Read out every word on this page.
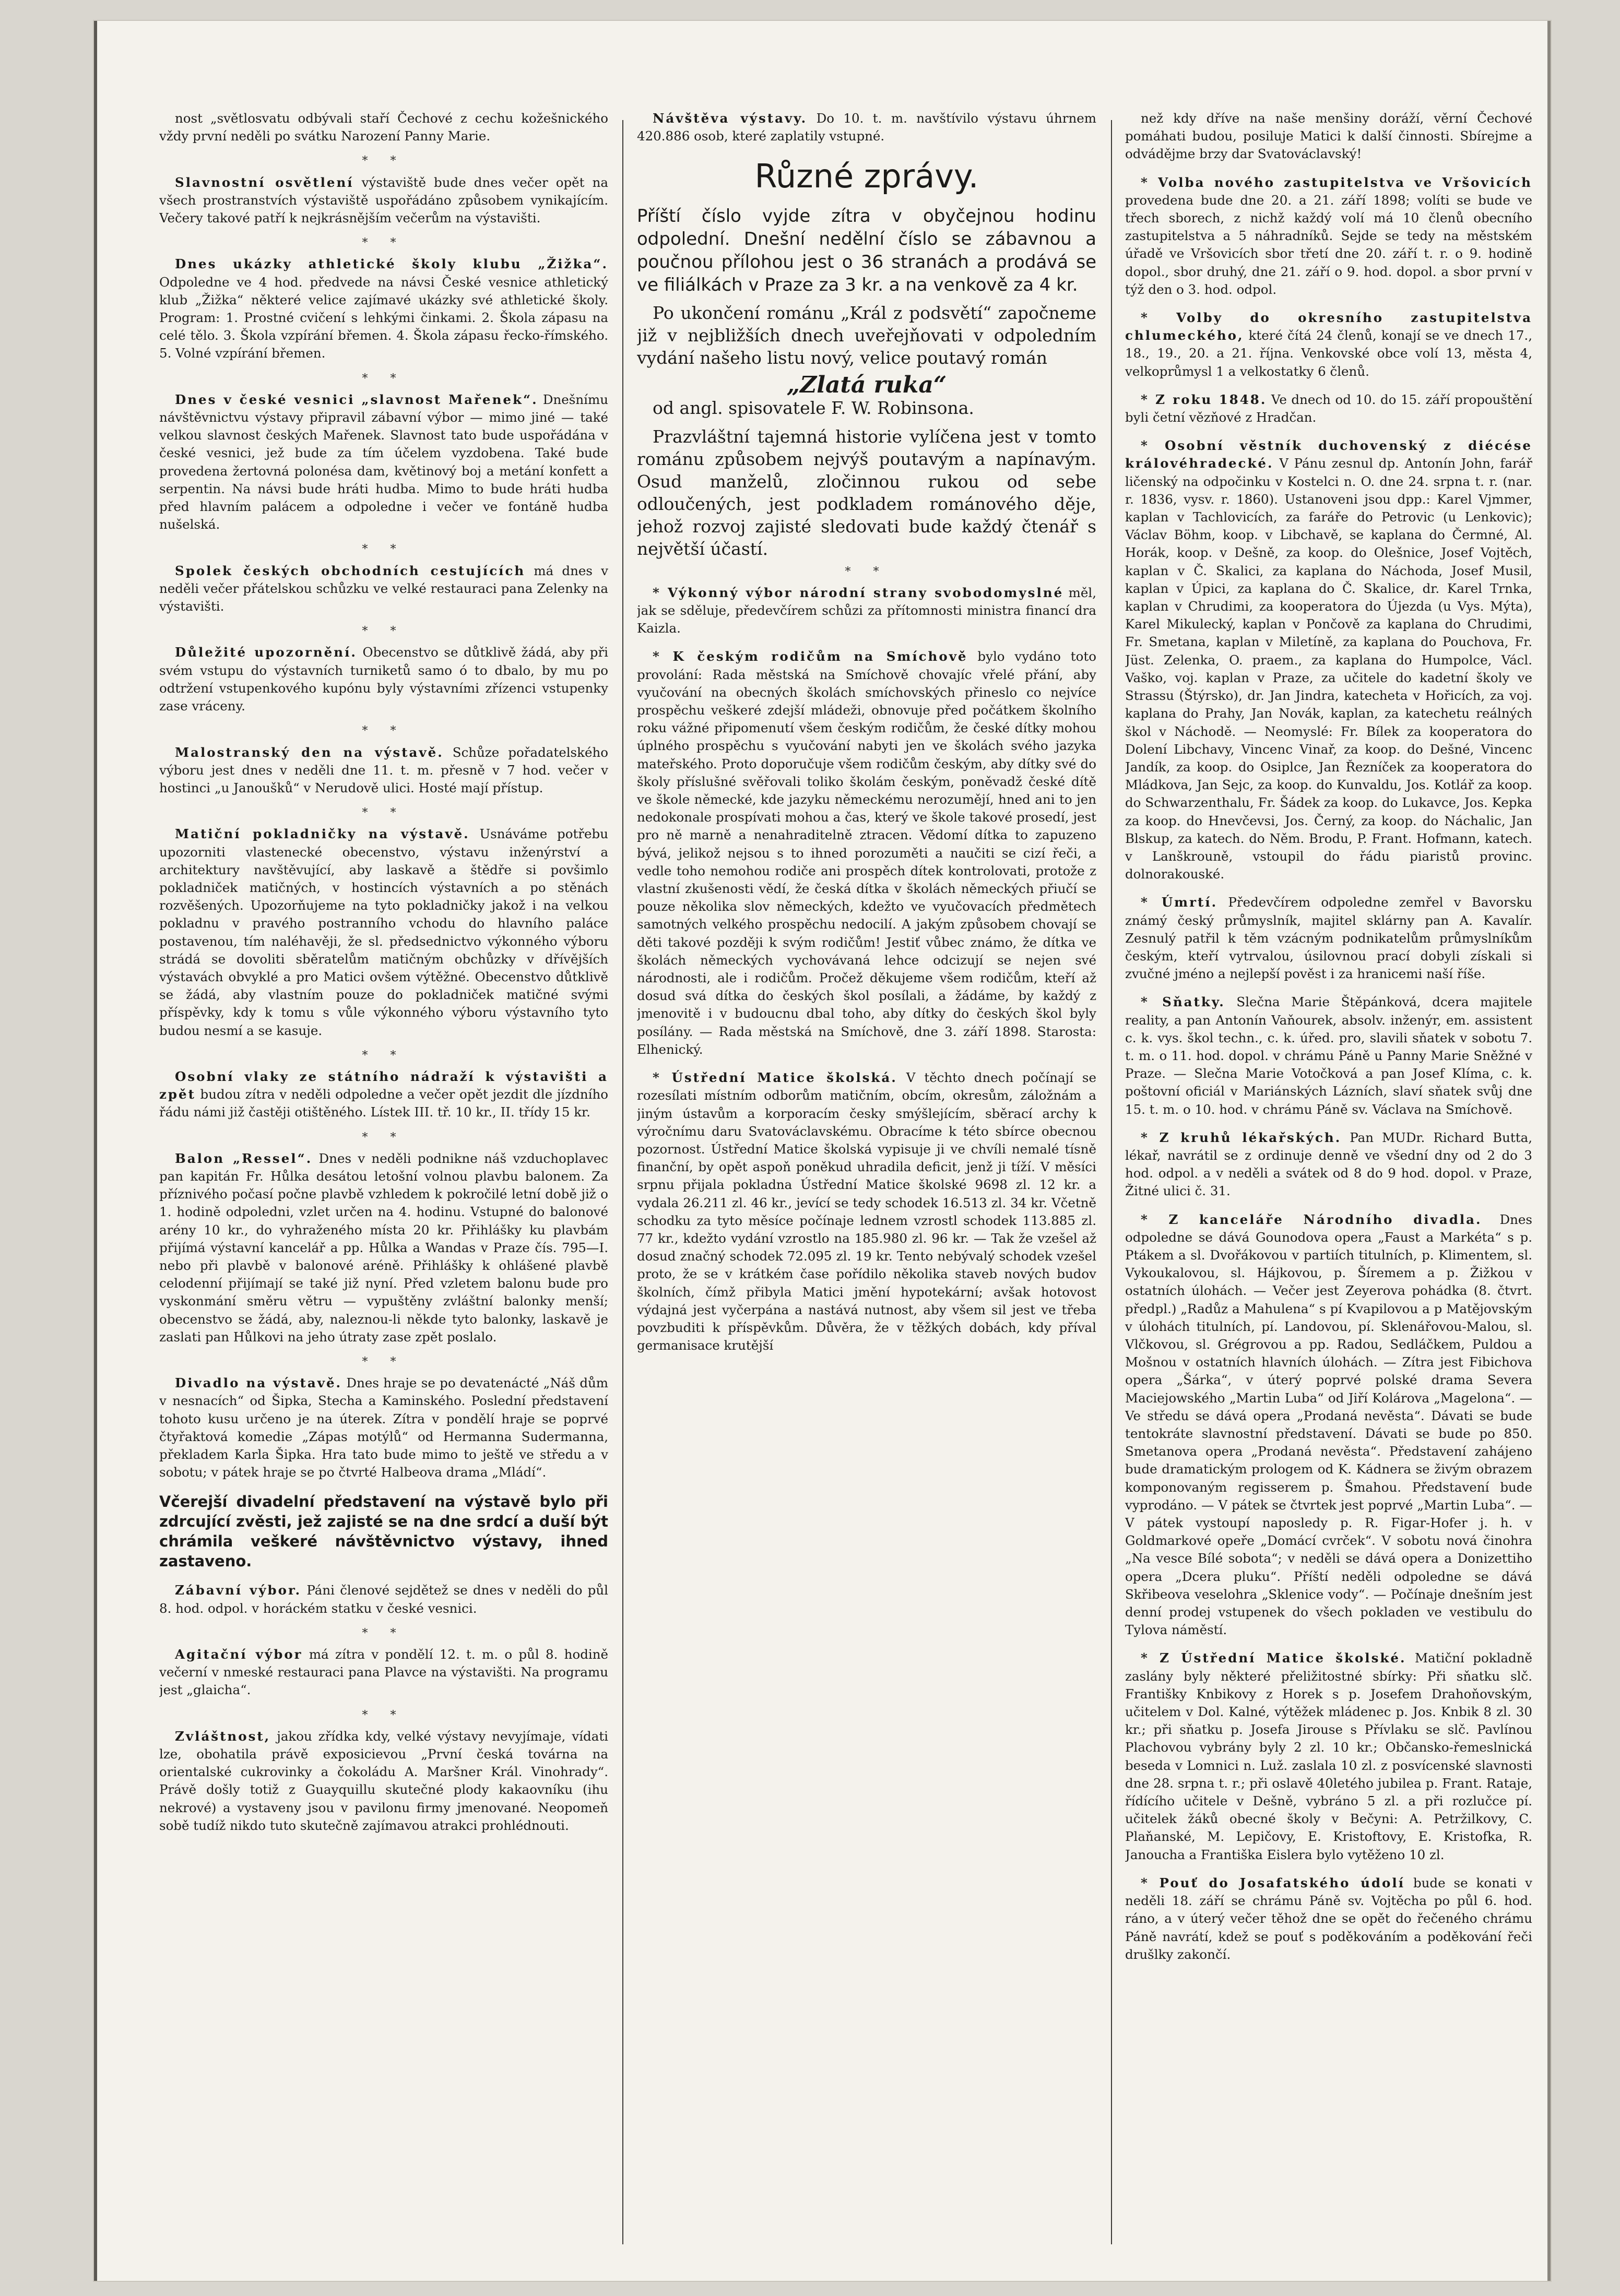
nost „světlosvatu odbývali staří Čechové z cechu kožešnického vždy první neděli po svátku Narození Panny Marie.

* *

Slavnostní osvětlení výstaviště bude dnes večer opět na všech prostranstvích výstaviště uspořádáno způsobem vynikajícím. Večery takové patří k nejkrásnějším večerům na výstavišti.

* *

Dnes ukázky athletické školy klubu „Žižka“. Odpoledne ve 4 hod. předvede na návsi České vesnice athletický klub „Žižka“ některé velice zajímavé ukázky své athletické školy. Program: 1. Prostné cvičení s lehkými činkami. 2. Škola zápasu na celé tělo. 3. Škola vzpírání břemen. 4. Škola zápasu řecko-římského. 5. Volné vzpírání břemen.

* *

Dnes v české vesnici „slavnost Mařenek“. Dnešnímu návštěvnictvu výstavy připravil zábavní výbor — mimo jiné — také velkou slavnost českých Mařenek. Slavnost tato bude uspořádána v české vesnici, jež bude za tím účelem vyzdobena. Také bude provedena žertovná polonésa dam, květinový boj a metání konfett a serpentin. Na návsi bude hráti hudba. Mimo to bude hráti hudba před hlavním palácem a odpoledne i večer ve fontáně hudba nušelská.

* *

Spolek českých obchodních cestujících má dnes v neděli večer přátelskou schůzku ve velké restauraci pana Zelenky na výstavišti.

* *

Důležité upozornění. Obecenstvo se důtklivě žádá, aby při svém vstupu do výstavních turniketů samo ó to dbalo, by mu po odtržení vstupenkového kupónu byly výstavními zřízenci vstupenky zase vráceny.

* *

Malostranský den na výstavě. Schůze pořadatelského výboru jest dnes v neděli dne 11. t. m. přesně v 7 hod. večer v hostinci „u Janoušků“ v Nerudově ulici. Hosté mají přístup.

* *

Matiční pokladničky na výstavě. Usnáváme potřebu upozorniti vlastenecké obecenstvo, výstavu inženýrství a architektury navštěvující, aby laskavě a štědře si povšimlo pokladniček matičných, v hostincích výstavních a po stěnách rozvěšených. Upozorňujeme na tyto pokladničky jakož i na velkou pokladnu v pravého postranního vchodu do hlavního paláce postavenou, tím naléhavěji, že sl. předsednictvo výkonného výboru strádá se dovoliti sběratelům matičným obchůzky v dřívějších výstavách obvyklé a pro Matici ovšem výtěžné. Obecenstvo důtklivě se žádá, aby vlastním pouze do pokladniček matičné svými příspěvky, kdy k tomu s vůle výkonného výboru výstavního tyto budou nesmí a se kasuje.

* *

Osobní vlaky ze státního nádraží k výstavišti a zpět budou zítra v neděli odpoledne a večer opět jezdit dle jízdního řádu námi již častěji otištěného. Lístek III. tř. 10 kr., II. třídy 15 kr.

* *

Balon „Ressel“. Dnes v neděli podnikne náš vzduchoplavec pan kapitán Fr. Hůlka desátou letošní volnou plavbu balonem. Za příznivého počasí počne plavbě vzhledem k pokročilé letní době již o 1. hodině odpoledni, vzlet určen na 4. hodinu. Vstupné do balonové arény 10 kr., do vyhraženého místa 20 kr. Přihlášky ku plavbám přijímá výstavní kancelář a pp. Hůlka a Wandas v Praze čís. 795—I. nebo při plavbě v balonové aréně. Přihlášky k ohlášené plavbě celodenní přijímají se také již nyní. Před vzletem balonu bude pro vyskonmání směru větru — vypuštěny zvláštní balonky menší; obecenstvo se žádá, aby, naleznou-li někde tyto balonky, laskavě je zaslati pan Hůlkovi na jeho útraty zase zpět poslalo.

* *

Divadlo na výstavě. Dnes hraje se po devatenácté „Náš dům v nesnacích“ od Šipka, Stecha a Kaminského. Poslední představení tohoto kusu určeno je na úterek. Zítra v pondělí hraje se poprvé čtyřaktová komedie „Zápas motýlů“ od Hermanna Sudermanna, překladem Karla Šipka. Hra tato bude mimo to ještě ve středu a v sobotu; v pátek hraje se po čtvrté Halbeova drama „Mládí“.

Včerejší divadelní představení na výstavě bylo při zdrcující zvěsti, jež zajisté se na dne srdcí a duší být chrámila veškeré návštěvnictvo výstavy, ihned zastaveno.

Zábavní výbor. Páni členové sejdětež se dnes v neděli do půl 8. hod. odpol. v horáckém statku v české vesnici.

* *

Agitační výbor má zítra v pondělí 12. t. m. o půl 8. hodině večerní v nmeské restauraci pana Plavce na výstavišti. Na programu jest „glaicha“.

* *

Zvláštnost, jakou zřídka kdy, velké výstavy nevyjímaje, vídati lze, obohatila právě exposicievou „První česká továrna na orientalské cukrovinky a čokoládu A. Maršner Král. Vinohrady“. Právě došly totiž z Guayquillu skutečné plody kakaovníku (ihu nekrové) a vystaveny jsou v pavilonu firmy jmenované. Neopomeň sobě tudíž nikdo tuto skutečně zajímavou atrakci prohlédnouti.

Návštěva výstavy. Do 10. t. m. navštívilo výstavu úhrnem 420.886 osob, které zaplatily vstupné.

Různé zprávy.
Příští číslo vyjde zítra v obyčejnou hodinu odpolední. Dnešní nedělní číslo se zábavnou a poučnou přílohou jest o 36 stranách a prodává se ve filiálkách v Praze za 3 kr. a na venkově za 4 kr.

Po ukončení románu „Král z podsvětí“ započneme již v nejbližších dnech uveřejňovati v odpoledním vydání našeho listu nový, velice poutavý román

„Zlatá ruka“

od angl. spisovatele F. W. Robinsona.

Prazvláštní tajemná historie vylíčena jest v tomto románu způsobem nejvýš poutavým a napínavým. Osud manželů, zločinnou rukou od sebe odloučených, jest podkladem románového děje, jehož rozvoj zajisté sledovati bude každý čtenář s největší účastí.

* *

* Výkonný výbor národní strany svobodomyslné měl, jak se sděluje, předevčírem schůzi za přítomnosti ministra financí dra Kaizla.

* K českým rodičům na Smíchově bylo vydáno toto provolání: Rada městská na Smíchově chovajíc vřelé přání, aby vyučování na obecných školách smíchovských přineslo co nejvíce prospěchu veškeré zdejší mládeži, obnovuje před počátkem školního roku vážné připomenutí všem českým rodičům, že české dítky mohou úplného prospěchu s vyučování nabyti jen ve školách svého jazyka mateřského. Proto doporučuje všem rodičům českým, aby dítky své do školy příslušné svěřovali toliko školám českým, poněvadž české dítě ve škole německé, kde jazyku německému nerozumějí, hned ani to jen nedokonale prospívati mohou a čas, který ve škole takové prosedí, jest pro ně marně a nenahraditelně ztracen. Vědomí dítka to zapuzeno bývá, jelikož nejsou s to ihned porozuměti a naučiti se cizí řeči, a vedle toho nemohou rodiče ani prospěch dítek kontrolovati, protože z vlastní zkušenosti vědí, že česká dítka v školách německých přiučí se pouze několika slov německých, kdežto ve vyučovacích předmětech samotných velkého prospěchu nedocilí. A jakým způsobem chovají se děti takové později k svým rodičům! Jestiť vůbec známo, že dítka ve školách německých vychovávaná lehce odcizují se nejen své národnosti, ale i rodičům. Pročež děkujeme všem rodičům, kteří až dosud svá dítka do českých škol posílali, a žádáme, by každý z jmenovitě i v budoucnu dbal toho, aby dítky do českých škol byly posílány. — Rada městská na Smíchově, dne 3. září 1898. Starosta: Elhenický.

* Ústřední Matice školská. V těchto dnech počínají se rozesílati místním odborům matičním, obcím, okresům, záložnám a jiným ústavům a korporacím česky smýšlejícím, sběrací archy k výročnímu daru Svatováclavskému. Obracíme k této sbírce obecnou pozornost. Ústřední Matice školská vypisuje ji ve chvíli nemalé tísně finanční, by opět aspoň poněkud uhradila deficit, jenž ji tíží. V měsíci srpnu přijala pokladna Ústřední Matice školské 9698 zl. 12 kr. a vydala 26.211 zl. 46 kr., jevící se tedy schodek 16.513 zl. 34 kr. Včetně schodku za tyto měsíce počínaje lednem vzrostl schodek 113.885 zl. 77 kr., kdežto vydání vzrostlo na 185.980 zl. 96 kr. — Tak že vzešel až dosud značný schodek 72.095 zl. 19 kr. Tento nebývalý schodek vzešel proto, že se v krátkém čase pořídilo několika staveb nových budov školních, čímž přibyla Matici jmění hypotekární; avšak hotovost výdajná jest vyčerpána a nastává nutnost, aby všem sil jest ve třeba povzbuditi k příspěvkům. Důvěra, že v těžkých dobách, kdy příval germanisace krutější

než kdy dříve na naše menšiny doráží, věrní Čechové pomáhati budou, posiluje Matici k další činnosti. Sbírejme a odvádějme brzy dar Svatováclavský!

* Volba nového zastupitelstva ve Vršovicích provedena bude dne 20. a 21. září 1898; volíti se bude ve třech sborech, z nichž každý volí má 10 členů obecního zastupitelstva a 5 náhradníků. Sejde se tedy na městském úřadě ve Vršovicích sbor třetí dne 20. září t. r. o 9. hodině dopol., sbor druhý, dne 21. září o 9. hod. dopol. a sbor první v týž den o 3. hod. odpol.

* Volby do okresního zastupitelstva chlumeckého, které čítá 24 členů, konají se ve dnech 17., 18., 19., 20. a 21. října. Venkovské obce volí 13, města 4, velkoprůmysl 1 a velkostatky 6 členů.

* Z roku 1848. Ve dnech od 10. do 15. září propouštění byli četní vězňové z Hradčan.

* Osobní věstník duchovenský z diécése královéhradecké. V Pánu zesnul dp. Antonín John, farář ličenský na odpočinku v Kostelci n. O. dne 24. srpna t. r. (nar. r. 1836, vysv. r. 1860). Ustanoveni jsou dpp.: Karel Vjmmer, kaplan v Tachlovicích, za faráře do Petrovic (u Lenkovic); Václav Böhm, koop. v Libchavě, se kaplana do Čermné, Al. Horák, koop. v Dešně, za koop. do Olešnice, Josef Vojtěch, kaplan v Č. Skalici, za kaplana do Náchoda, Josef Musil, kaplan v Úpici, za kaplana do Č. Skalice, dr. Karel Trnka, kaplan v Chrudimi, za kooperatora do Újezda (u Vys. Mýta), Karel Mikulecký, kaplan v Pončově za kaplana do Chrudimi, Fr. Smetana, kaplan v Miletíně, za kaplana do Pouchova, Fr. Jüst. Zelenka, O. praem., za kaplana do Humpolce, Václ. Vaško, voj. kaplan v Praze, za učitele do kadetní školy ve Strassu (Štýrsko), dr. Jan Jindra, katecheta v Hořicích, za voj. kaplana do Prahy, Jan Novák, kaplan, za katechetu reálných škol v Náchodě. — Neomyslé: Fr. Bílek za kooperatora do Dolení Libchavy, Vincenc Vinař, za koop. do Dešné, Vincenc Jandík, za koop. do Osiplce, Jan Řezníček za kooperatora do Mládkova, Jan Sejc, za koop. do Kunvaldu, Jos. Kotlář za koop. do Schwarzenthalu, Fr. Šádek za koop. do Lukavce, Jos. Kepka za koop. do Hnevčevsi, Jos. Černý, za koop. do Náchalic, Jan Blskup, za katech. do Něm. Brodu, P. Frant. Hofmann, katech. v Lanškrouně, vstoupil do řádu piaristů provinc. dolnorakouské.

* Úmrtí. Předevčírem odpoledne zemřel v Bavorsku známý český průmyslník, majitel sklárny pan A. Kavalír. Zesnulý patřil k těm vzácným podnikatelům průmyslníkům českým, kteří vytrvalou, úsilovnou prací dobyli získali si zvučné jméno a nejlepší pověst i za hranicemi naší říše.

* Sňatky. Slečna Marie Štěpánková, dcera majitele reality, a pan Antonín Vaňourek, absolv. inženýr, em. assistent c. k. vys. škol techn., c. k. úřed. pro, slavili sňatek v sobotu 7. t. m. o 11. hod. dopol. v chrámu Páně u Panny Marie Sněžné v Praze. — Slečna Marie Votočková a pan Josef Klíma, c. k. poštovní oficiál v Mariánských Lázních, slaví sňatek svůj dne 15. t. m. o 10. hod. v chrámu Páně sv. Václava na Smíchově.

* Z kruhů lékařských. Pan MUDr. Richard Butta, lékař, navrátil se z ordinuje denně ve všední dny od 2 do 3 hod. odpol. a v neděli a svátek od 8 do 9 hod. dopol. v Praze, Žitné ulici č. 31.

* Z kanceláře Národního divadla. Dnes odpoledne se dává Gounodova opera „Faust a Markéta“ s p. Ptákem a sl. Dvořákovou v partiích titulních, p. Klimentem, sl. Vykoukalovou, sl. Hájkovou, p. Šíremem a p. Žižkou v ostatních úlohách. — Večer jest Zeyerova pohádka (8. čtvrt. předpl.) „Radůz a Mahulena“ s pí Kvapilovou a p Matějovským v úlohách titulních, pí. Landovou, pí. Sklenářovou-Malou, sl. Vlčkovou, sl. Grégrovou a pp. Radou, Sedláčkem, Puldou a Mošnou v ostatních hlavních úlohách. — Zítra jest Fibichova opera „Šárka“, v úterý poprvé polské drama Severa Maciejowského „Martin Luba“ od Jiří Kolárova „Magelona“. — Ve středu se dává opera „Prodaná nevěsta“. Dávati se bude tentokráte slavnostní představení. Dávati se bude po 850. Smetanova opera „Prodaná nevěsta“. Představení zahájeno bude dramatickým prologem od K. Kádnera se živým obrazem komponovaným regisserem p. Šmahou. Představení bude vyprodáno. — V pátek se čtvrtek jest poprvé „Martin Luba“. — V pátek vystoupí naposledy p. R. Figar-Hofer j. h. v Goldmarkové opeře „Domácí cvrček“. V sobotu nová činohra „Na vesce Bílé sobota“; v neděli se dává opera a Donizettiho opera „Dcera pluku“. Příští neděli odpoledne se dává Skřibeova veselohra „Sklenice vody“. — Počínaje dnešním jest denní prodej vstupenek do všech pokladen ve vestibulu do Tylova náměstí.

* Z Ústřední Matice školské. Matiční pokladně zaslány byly některé přeližitostné sbírky: Při sňatku slč. Františky Knbikovy z Horek s p. Josefem Drahoňovským, učitelem v Dol. Kalné, výtěžek mládenec p. Jos. Knbik 8 zl. 30 kr.; při sňatku p. Josefa Jirouse s Přívlaku se slč. Pavlínou Plachovou vybrány byly 2 zl. 10 kr.; Občansko-řemeslnická beseda v Lomnici n. Luž. zaslala 10 zl. z posvícenské slavnosti dne 28. srpna t. r.; při oslavě 40letého jubilea p. Frant. Rataje, řídícího učitele v Dešně, vybráno 5 zl. a při rozlučce pí. učitelek žáků obecné školy v Bečyni: A. Petržilkovy, C. Plaňanské, M. Lepičovy, E. Kristoftovy, E. Kristofka, R. Janoucha a Františka Eislera bylo vytěženo 10 zl.

* Pouť do Josafatského údolí bude se konati v neděli 18. září se chrámu Páně sv. Vojtěcha po půl 6. hod. ráno, a v úterý večer těhož dne se opět do řečeného chrámu Páně navrátí, kdež se pouť s poděkováním a poděkování řeči drušlky zakončí.
